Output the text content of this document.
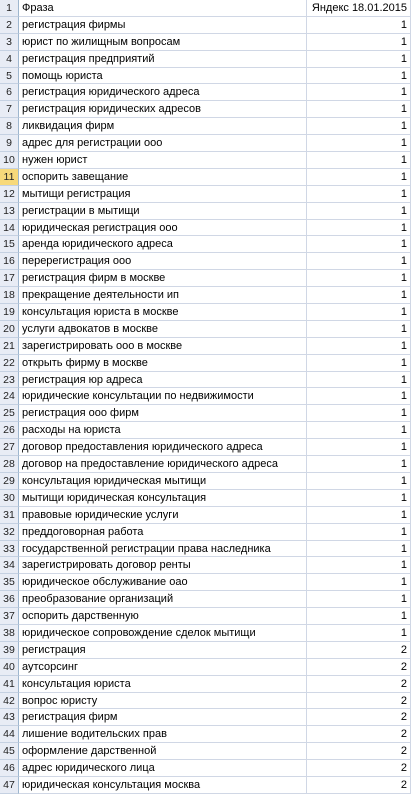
1 Фраза	Яндекс 18.01.2015
2 регистрация фирмы	1
3 юрист по жилищным вопросам	1
4 регистрация предприятий	1
5 помощь юриста	1
6 регистрация юридического адреса	1
7 регистрация юридических адресов	1
8 ликвидация фирм	1
9 адрес для регистрации ооо	1
10 нужен юрист	1
11 оспорить завещание	1
12 мытищи регистрация	1
13 регистрации в мытищи	1
14 юридическая регистрация ооо	1
15 аренда юридического адреса	1
16 перерегистрация ооо	1
17 регистрация фирм в москве	1
18 прекращение деятельности ип	1
19 консультация юриста в москве	1
20 услуги адвокатов в москве	1
21 зарегистрировать ооо в москве	1
22 открыть фирму в москве	1
23 регистрация юр адреса	1
24 юридические консультации по недвижимости	1
25 регистрация ооо фирм	1
26 расходы на юриста	1
27 договор предоставления юридического адреса	1
28 договор на предоставление юридического адреса	1
29 консультация юридическая мытищи	1
30 мытищи юридическая консультация	1
31 правовые юридические услуги	1
32 преддоговорная работа	1
33 государственной регистрации права наследника	1
34 зарегистрировать договор ренты	1
35 юридическое обслуживание оао	1
36 преобразование организаций	1
37 оспорить дарственную	1
38 юридическое сопровождение сделок мытищи	1
39 регистрация	2
40 аутсорсинг	2
41 консультация юриста	2
42 вопрос юристу	2
43 регистрация фирм	2
44 лишение водительских прав	2
45 оформление дарственной	2
46 адрес юридического лица	2
47 юридическая консультация москва	2
